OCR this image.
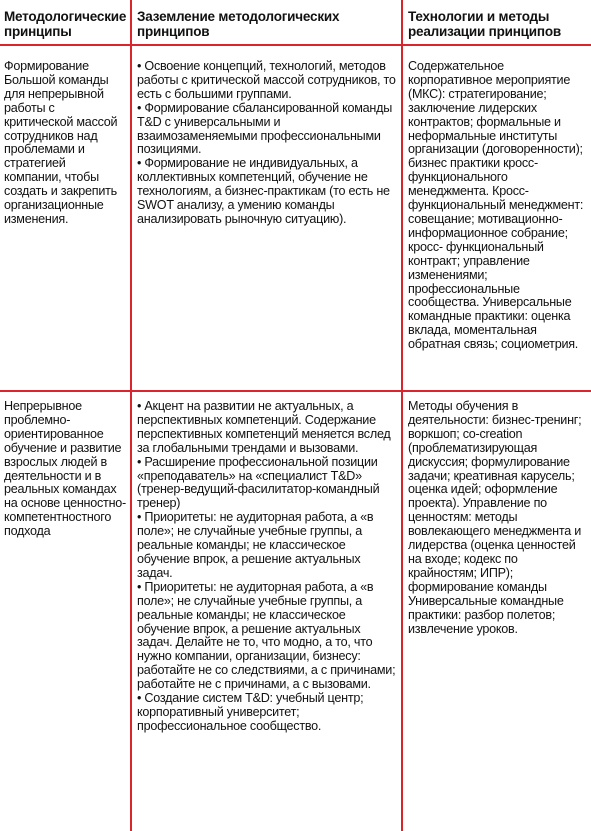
Методологические принципы
Заземление методологических принципов
Технологии и методы реализации принципов
Формирование Большой команды для непрерывной работы с критической массой сотрудников над проблемами и стратегией компании, чтобы создать и закрепить организационные изменения.

• Освоение концепций, технологий, методов работы с критической массой сотрудников, то есть с большими группами.

• Формирование сбалансированной команды T&D с универсальными и взаимозаменяемыми профессиональными позициями.

• Формирование не индивидуальных, а коллективных компетенций, обучение не технологиям, а бизнес-практикам (то есть не SWOT анализу, а умению команды анализировать рыночную ситуацию).

Содержательное корпоративное мероприятие (МКС): стратегирование; заключение лидерских контрактов; формальные и неформальные институты организации (договоренности); бизнес практики кросс-функционального менеджмента. Кросс-функциональный менеджмент: совещание; мотивационно-информационное собрание; кросс- функциональный контракт; управление изменениями; профессиональные сообщества. Универсальные командные практики: оценка вклада, моментальная обратная связь; социометрия.
Непрерывное проблемно-ориентированное обучение и развитие взрослых людей в деятельности и в реальных командах на основе ценностно-компетентностного подхода

• Акцент на развитии не актуальных, а перспективных компетенций. Содержание перспективных компетенций меняется вслед за глобальными трендами и вызовами.

• Расширение профессиональной позиции «преподаватель» на «специалист T&D» (тренер-ведущий-фасилитатор-командный тренер)

• Приоритеты: не аудиторная работа, а «в поле»; не случайные учебные группы, а реальные команды; не классическое обучение впрок, а решение актуальных задач.

• Приоритеты: не аудиторная работа, а «в поле»; не случайные учебные группы, а реальные команды; не классическое обучение впрок, а решение актуальных задач. Делайте не то, что модно, а то, что нужно компании, организации, бизнесу: работайте не со следствиями, а с причинами; работайте не с причинами, а с вызовами.

• Создание систем T&D: учебный центр; корпоративный университет; профессиональное сообщество.

Методы обучения в деятельности: бизнес-тренинг; воркшоп; co-creation (проблематизирующая дискуссия; формулирование задачи; креативная карусель; оценка идей; оформление проекта). Управление по ценностям: методы вовлекающего менеджмента и лидерства (оценка ценностей на входе; кодекс по крайностям; ИПР); формирование команды Универсальные командные практики: разбор полетов; извлечение уроков.
